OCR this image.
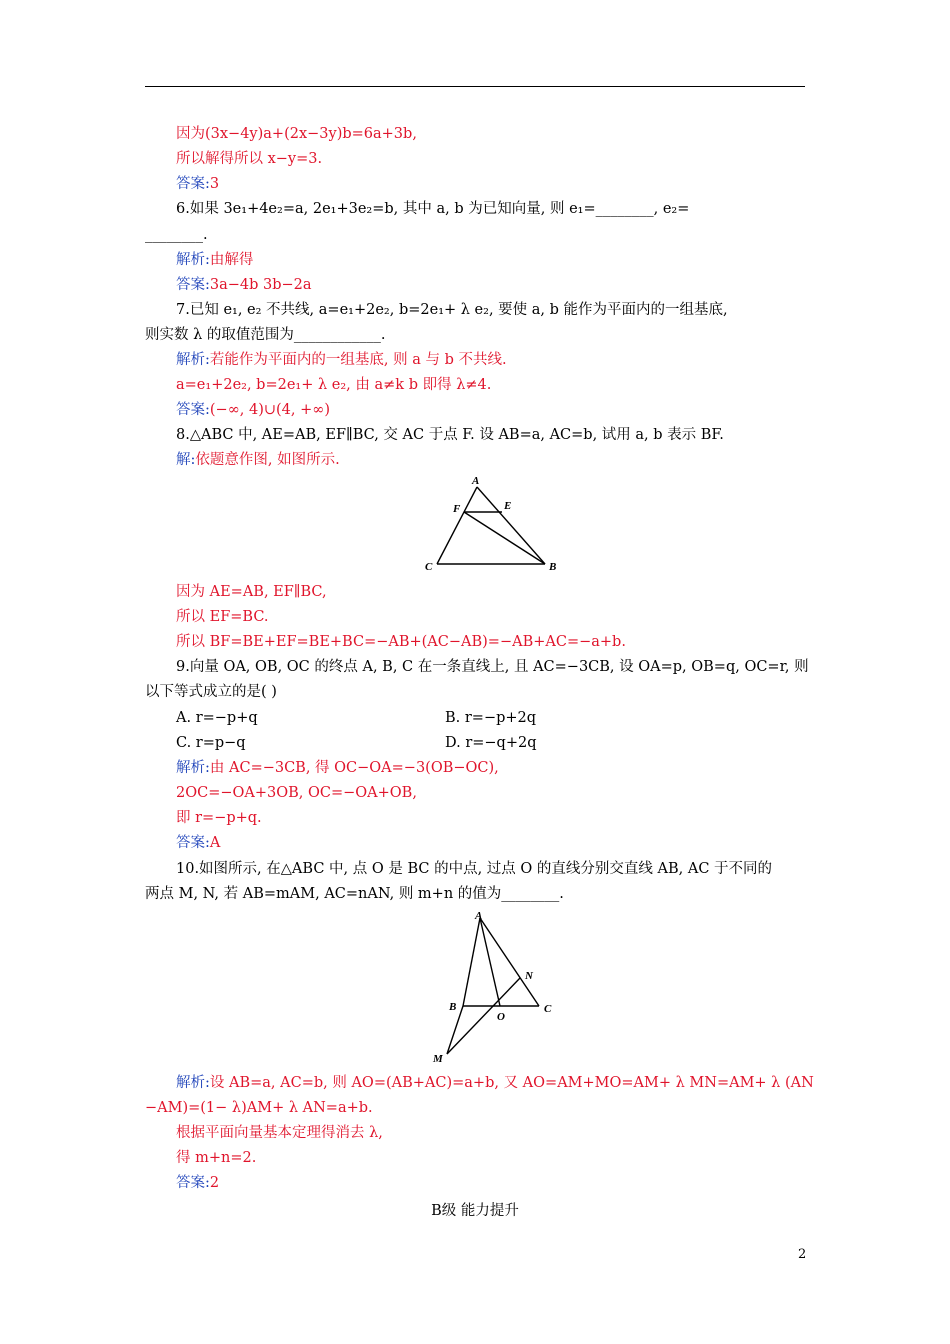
因为(3x−4y)a+(2x−3y)b=6a+3b,
所以解得所以 x−y=3.
答案:3
6.如果 3e₁+4e₂=a, 2e₁+3e₂=b, 其中 a, b 为已知向量, 则 e₁=________, e₂=
________.
解析:由解得
答案:3a−4b 3b−2a
7.已知 e₁, e₂ 不共线, a=e₁+2e₂, b=2e₁+ λ e₂, 要使 a, b 能作为平面内的一组基底,
则实数 λ 的取值范围为____________.
解析:若能作为平面内的一组基底, 则 a 与 b 不共线.
a=e₁+2e₂, b=2e₁+ λ e₂, 由 a≠k b 即得 λ≠4.
答案:(−∞, 4)∪(4, +∞)
8.△ABC 中, AE=AB, EF∥BC, 交 AC 于点 F. 设 AB=a, AC=b, 试用 a, b 表示 BF.
解:依题意作图, 如图所示.
A
E
F
C	B
因为 AE=AB, EF∥BC,
所以 EF=BC.
所以 BF=BE+EF=BE+BC=−AB+(AC−AB)=−AB+AC=−a+b.
9.向量 OA, OB, OC 的终点 A, B, C 在一条直线上, 且 AC=−3CB, 设 OA=p, OB=q, OC=r, 则
以下等式成立的是( )
A. r=−p+q	B. r=−p+2q
C. r=p−q	D. r=−q+2q
解析:由 AC=−3CB, 得 OC−OA=−3(OB−OC),
2OC=−OA+3OB, OC=−OA+OB,
即 r=−p+q.
答案:A
10.如图所示, 在△ABC 中, 点 O 是 BC 的中点, 过点 O 的直线分别交直线 AB, AC 于不同的
两点 M, N, 若 AB=mAM, AC=nAN, 则 m+n 的值为________.
A
N
B
O
C
M
解析:设 AB=a, AC=b, 则 AO=(AB+AC)=a+b, 又 AO=AM+MO=AM+ λ MN=AM+ λ (AN
−AM)=(1− λ)AM+ λ AN=a+b.
根据平面向量基本定理得消去 λ,
得 m+n=2.
答案:2
B级 能力提升
2
